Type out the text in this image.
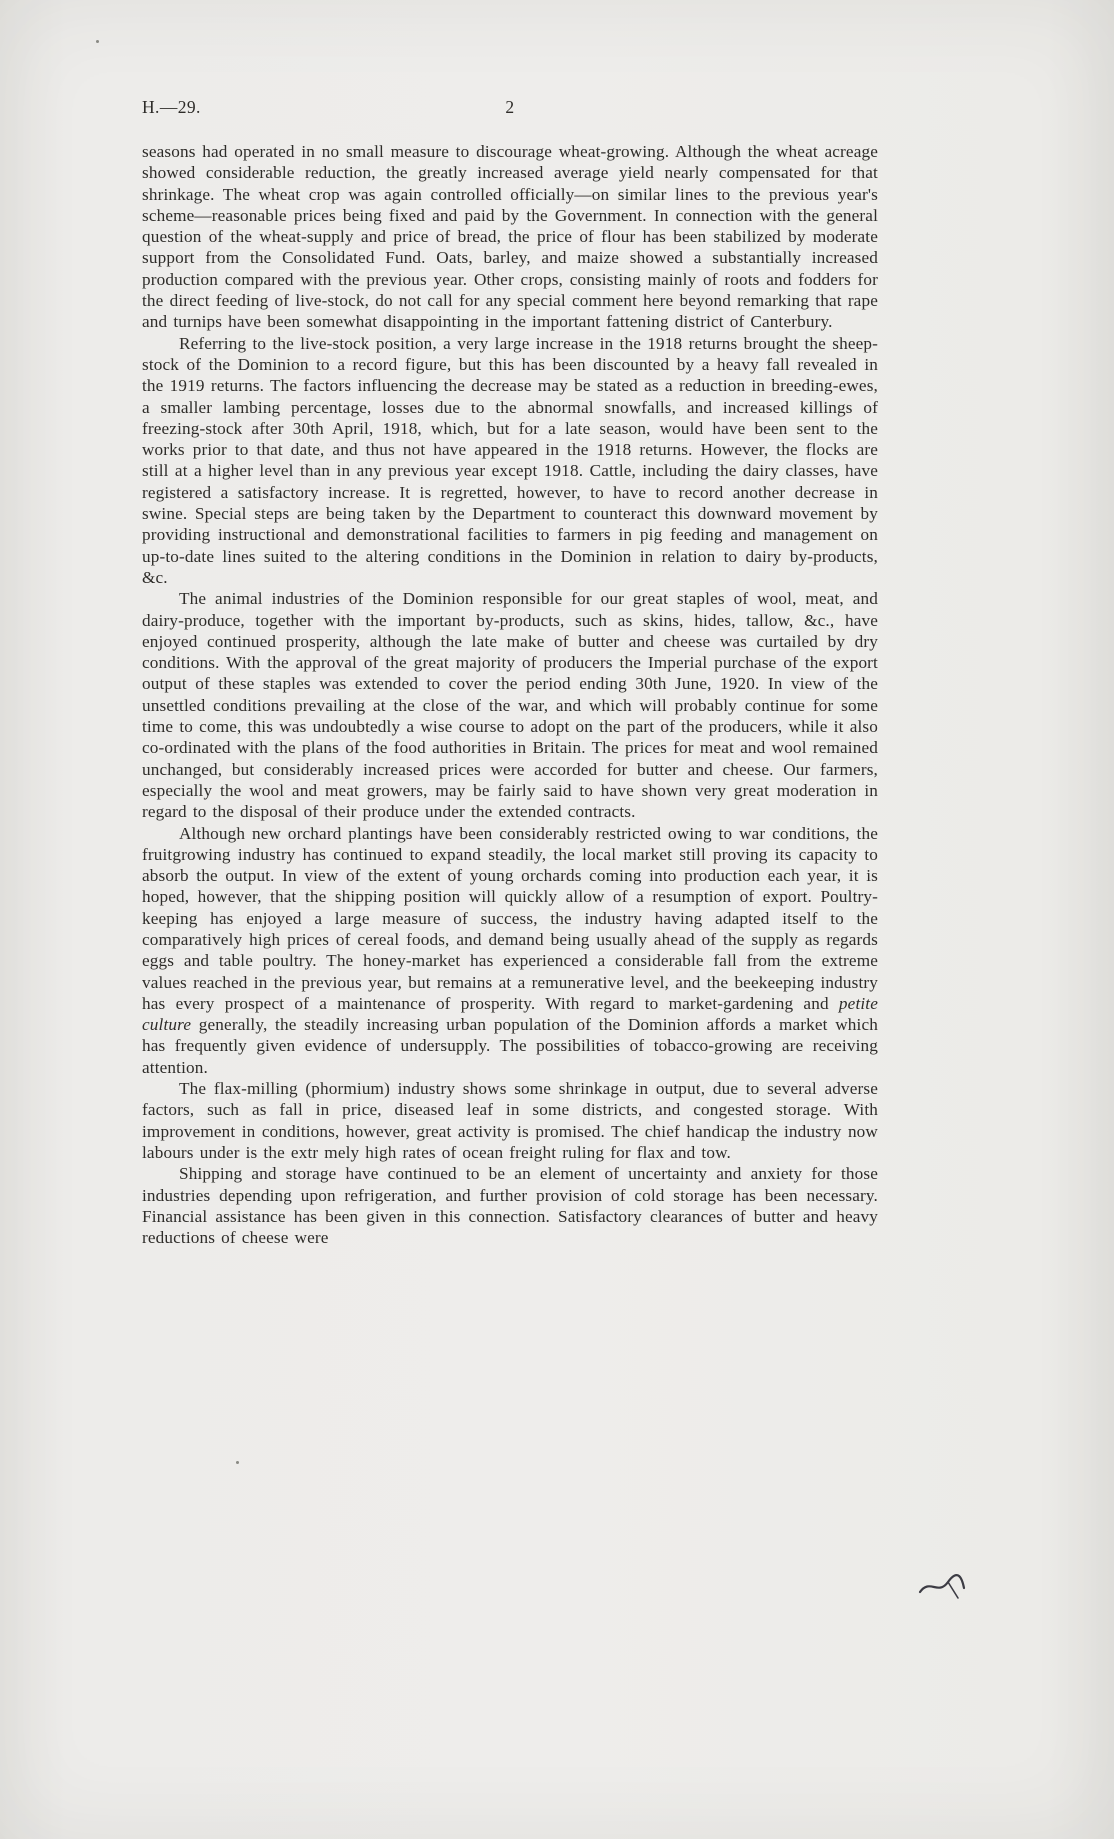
H.—29.	2

seasons had operated in no small measure to discourage wheat-growing. Although the wheat acreage showed considerable reduction, the greatly increased average yield nearly compensated for that shrinkage. The wheat crop was again controlled officially—on similar lines to the previous year's scheme—reasonable prices being fixed and paid by the Government. In connection with the general question of the wheat-supply and price of bread, the price of flour has been stabilized by moderate support from the Consolidated Fund. Oats, barley, and maize showed a substantially increased production compared with the previous year. Other crops, consisting mainly of roots and fodders for the direct feeding of live-stock, do not call for any special comment here beyond remarking that rape and turnips have been somewhat disappointing in the important fattening district of Canterbury.

Referring to the live-stock position, a very large increase in the 1918 returns brought the sheep-stock of the Dominion to a record figure, but this has been discounted by a heavy fall revealed in the 1919 returns. The factors influencing the decrease may be stated as a reduction in breeding-ewes, a smaller lambing percentage, losses due to the abnormal snowfalls, and increased killings of freezing-stock after 30th April, 1918, which, but for a late season, would have been sent to the works prior to that date, and thus not have appeared in the 1918 returns. However, the flocks are still at a higher level than in any previous year except 1918. Cattle, including the dairy classes, have registered a satisfactory increase. It is regretted, however, to have to record another decrease in swine. Special steps are being taken by the Department to counteract this downward movement by providing instructional and demonstrational facilities to farmers in pig feeding and management on up-to-date lines suited to the altering conditions in the Dominion in relation to dairy by-products, &c.

The animal industries of the Dominion responsible for our great staples of wool, meat, and dairy-produce, together with the important by-products, such as skins, hides, tallow, &c., have enjoyed continued prosperity, although the late make of butter and cheese was curtailed by dry conditions. With the approval of the great majority of producers the Imperial purchase of the export output of these staples was extended to cover the period ending 30th June, 1920. In view of the unsettled conditions prevailing at the close of the war, and which will probably continue for some time to come, this was undoubtedly a wise course to adopt on the part of the producers, while it also co-ordinated with the plans of the food authorities in Britain. The prices for meat and wool remained unchanged, but considerably increased prices were accorded for butter and cheese. Our farmers, especially the wool and meat growers, may be fairly said to have shown very great moderation in regard to the disposal of their produce under the extended contracts.

Although new orchard plantings have been considerably restricted owing to war conditions, the fruitgrowing industry has continued to expand steadily, the local market still proving its capacity to absorb the output. In view of the extent of young orchards coming into production each year, it is hoped, however, that the shipping position will quickly allow of a resumption of export. Poultry-keeping has enjoyed a large measure of success, the industry having adapted itself to the comparatively high prices of cereal foods, and demand being usually ahead of the supply as regards eggs and table poultry. The honey-market has experienced a considerable fall from the extreme values reached in the previous year, but remains at a remunerative level, and the beekeeping industry has every prospect of a maintenance of prosperity. With regard to market-gardening and petite culture generally, the steadily increasing urban population of the Dominion affords a market which has frequently given evidence of undersupply. The possibilities of tobacco-growing are receiving attention.

The flax-milling (phormium) industry shows some shrinkage in output, due to several adverse factors, such as fall in price, diseased leaf in some districts, and congested storage. With improvement in conditions, however, great activity is promised. The chief handicap the industry now labours under is the extr mely high rates of ocean freight ruling for flax and tow.

Shipping and storage have continued to be an element of uncertainty and anxiety for those industries depending upon refrigeration, and further provision of cold storage has been necessary. Financial assistance has been given in this connection. Satisfactory clearances of butter and heavy reductions of cheese were
